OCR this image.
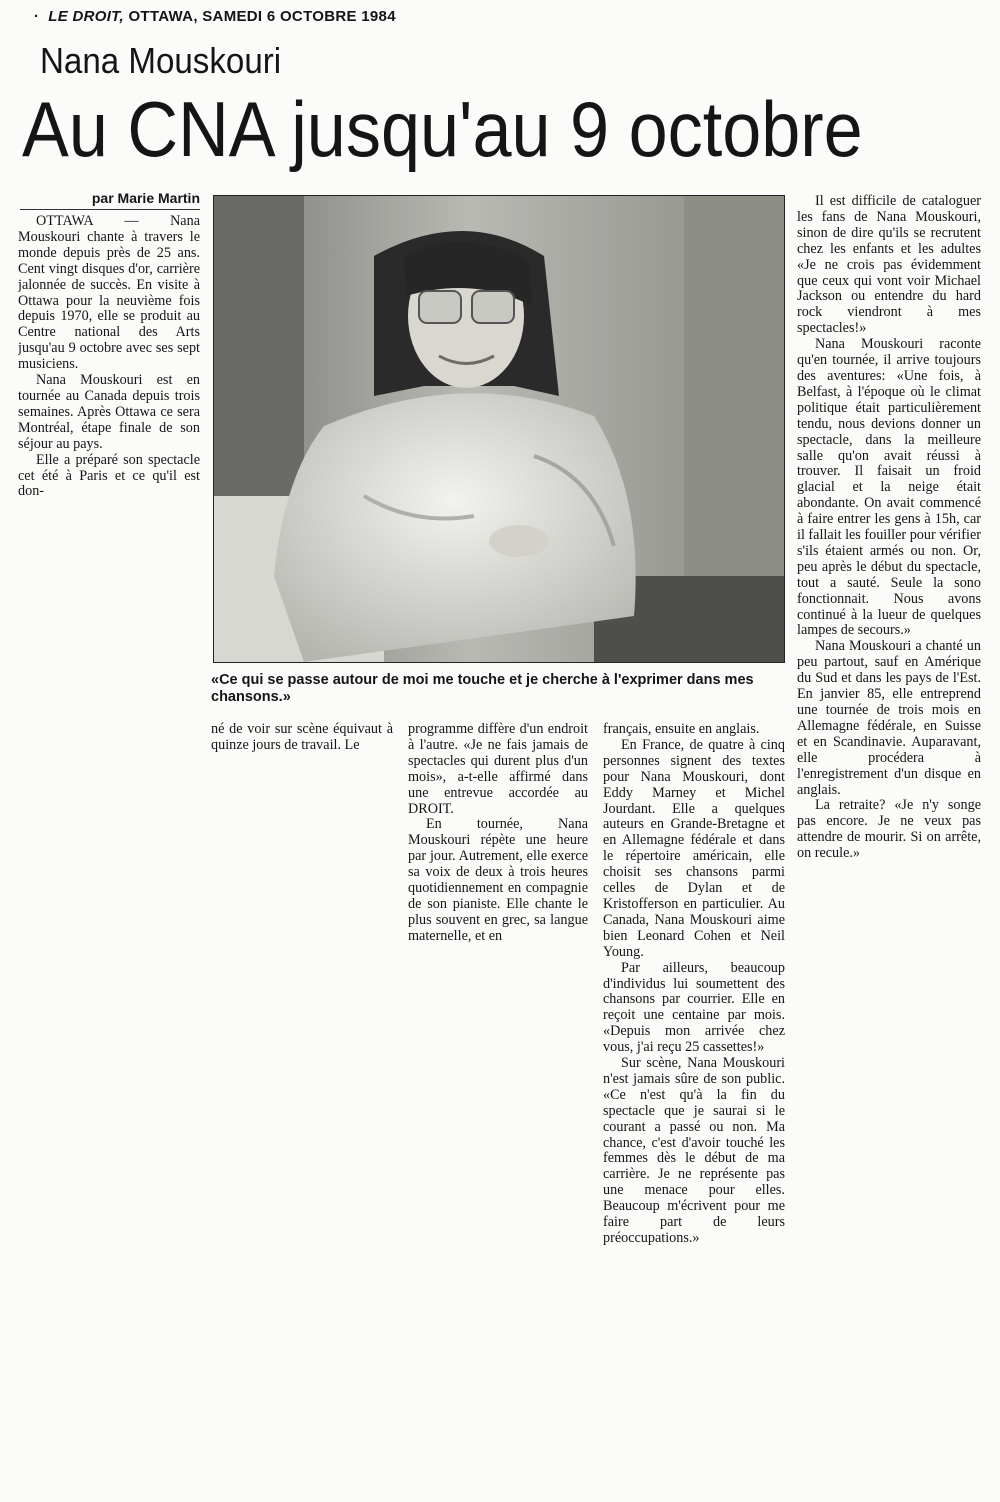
·  LE DROIT, OTTAWA, SAMEDI 6 OCTOBRE 1984
Nana Mouskouri
Au CNA jusqu'au 9 octobre
par Marie Martin

OTTAWA — Nana Mouskouri chante à travers le monde depuis près de 25 ans. Cent vingt disques d'or, carrière jalonnée de succès. En visite à Ottawa pour la neuvième fois depuis 1970, elle se produit au Centre national des Arts jusqu'au 9 octobre avec ses sept musiciens.

Nana Mouskouri est en tournée au Canada depuis trois semaines. Après Ottawa ce sera Montréal, étape finale de son séjour au pays.

Elle a préparé son spectacle cet été à Paris et ce qu'il est don-

«Ce qui se passe autour de moi me touche et je cherche à l'exprimer dans mes chansons.»

né de voir sur scène équivaut à quinze jours de travail. Le

programme diffère d'un endroit à l'autre. «Je ne fais jamais de spectacles qui durent plus d'un mois», a-t-elle affirmé dans une entrevue accordée au DROIT.

En tournée, Nana Mouskouri répète une heure par jour. Autrement, elle exerce sa voix de deux à trois heures quotidiennement en compagnie de son pianiste. Elle chante le plus souvent en grec, sa langue maternelle, et en

français, ensuite en anglais.

En France, de quatre à cinq personnes signent des textes pour Nana Mouskouri, dont Eddy Marney et Michel Jourdant. Elle a quelques auteurs en Grande-Bretagne et en Allemagne fédérale et dans le répertoire américain, elle choisit ses chansons parmi celles de Dylan et de Kristofferson en particulier. Au Canada, Nana Mouskouri aime bien Leonard Cohen et Neil Young.

Par ailleurs, beaucoup d'individus lui soumettent des chansons par courrier. Elle en reçoit une centaine par mois. «Depuis mon arrivée chez vous, j'ai reçu 25 cassettes!»

Sur scène, Nana Mouskouri n'est jamais sûre de son public. «Ce n'est qu'à la fin du spectacle que je saurai si le courant a passé ou non. Ma chance, c'est d'avoir touché les femmes dès le début de ma carrière. Je ne représente pas une menace pour elles. Beaucoup m'écrivent pour me faire part de leurs préoccupations.»

Il est difficile de cataloguer les fans de Nana Mouskouri, sinon de dire qu'ils se recrutent chez les enfants et les adultes «Je ne crois pas évidemment que ceux qui vont voir Michael Jackson ou entendre du hard rock viendront à mes spectacles!»

Nana Mouskouri raconte qu'en tournée, il arrive toujours des aventures: «Une fois, à Belfast, à l'époque où le climat politique était particulièrement tendu, nous devions donner un spectacle, dans la meilleure salle qu'on avait réussi à trouver. Il faisait un froid glacial et la neige était abondante. On avait commencé à faire entrer les gens à 15h, car il fallait les fouiller pour vérifier s'ils étaient armés ou non. Or, peu après le début du spectacle, tout a sauté. Seule la sono fonctionnait. Nous avons continué à la lueur de quelques lampes de secours.»

Nana Mouskouri a chanté un peu partout, sauf en Amérique du Sud et dans les pays de l'Est. En janvier 85, elle entreprend une tournée de trois mois en Allemagne fédérale, en Suisse et en Scandinavie. Auparavant, elle procédera à l'enregistrement d'un disque en anglais.

La retraite? «Je n'y songe pas encore. Je ne veux pas attendre de mourir. Si on arrête, on recule.»
